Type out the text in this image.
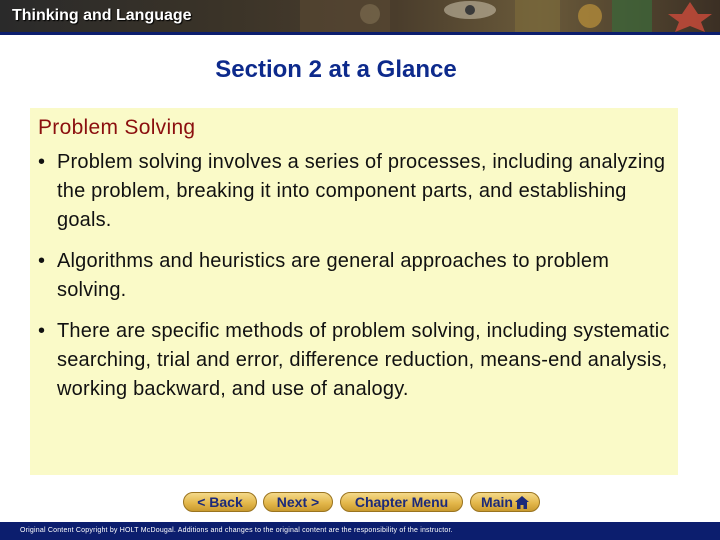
Thinking and Language
Section 2 at a Glance
Problem Solving
• Problem solving involves a series of processes, including analyzing the problem, breaking it into component parts, and establishing goals.
• Algorithms and heuristics are general approaches to problem solving.
• There are specific methods of problem solving, including systematic searching, trial and error, difference reduction, means-end analysis, working backward, and use of analogy.
< Back	Next >	Chapter Menu	Main
Original Content Copyright by HOLT McDougal. Additions and changes to the original content are the responsibility of the instructor.
